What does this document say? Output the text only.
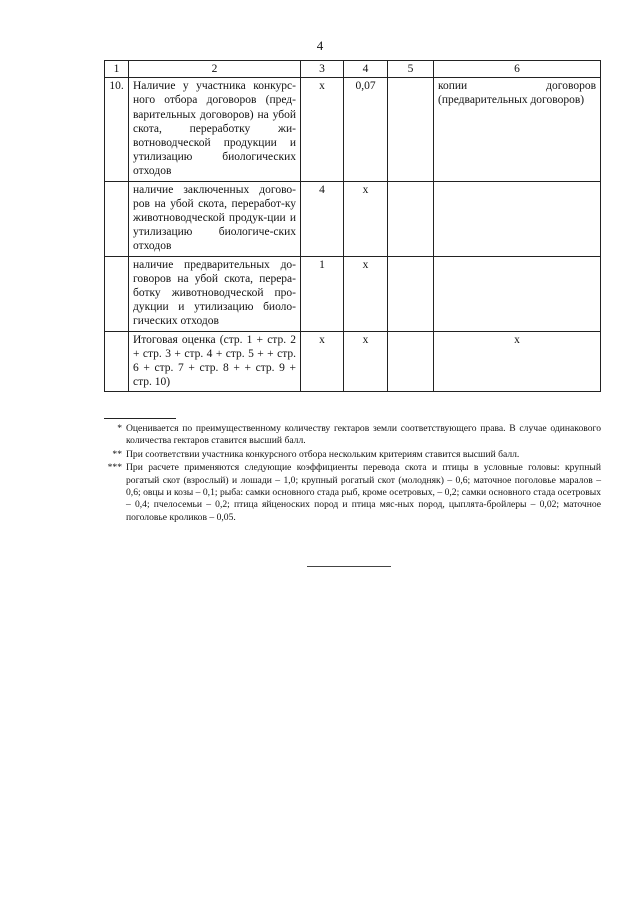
4
1	2	3	4	5	6
10.	Наличие у участника конкурс-ного отбора договоров (пред-варительных договоров) на убой скота, переработку жи-вотноводческой продукции и утилизацию биологических отходов	х	0,07		копии договоров (предварительных договоров)
	наличие заключенных догово-ров на убой скота, переработ-ку животноводческой продук-ции и утилизацию биологиче-ских отходов	4	х		
	наличие предварительных до-говоров на убой скота, перера-ботку животноводческой про-дукции и утилизацию биоло-гических отходов	1	х		
	Итоговая оценка (стр. 1 + стр. 2 + стр. 3 + стр. 4 + стр. 5 + + стр. 6 + стр. 7 + стр. 8 + + стр. 9 + стр. 10)	х	х		х
* Оценивается по преимущественному количеству гектаров земли соответствующего права. В случае одинакового количества гектаров ставится высший балл.
** При соответствии участника конкурсного отбора нескольким критериям ставится высший балл.
*** При расчете применяются следующие коэффициенты перевода скота и птицы в условные головы: крупный рогатый скот (взрослый) и лошади – 1,0; крупный рогатый скот (молодняк) – 0,6; маточное поголовье маралов – 0,6; овцы и козы – 0,1; рыба: самки основного стада рыб, кроме осетровых, – 0,2; самки основного стада осетровых – 0,4; пчелосемьи – 0,2; птица яйценоских пород и птица мяс-ных пород, цыплята-бройлеры – 0,02; маточное поголовье кроликов – 0,05.
